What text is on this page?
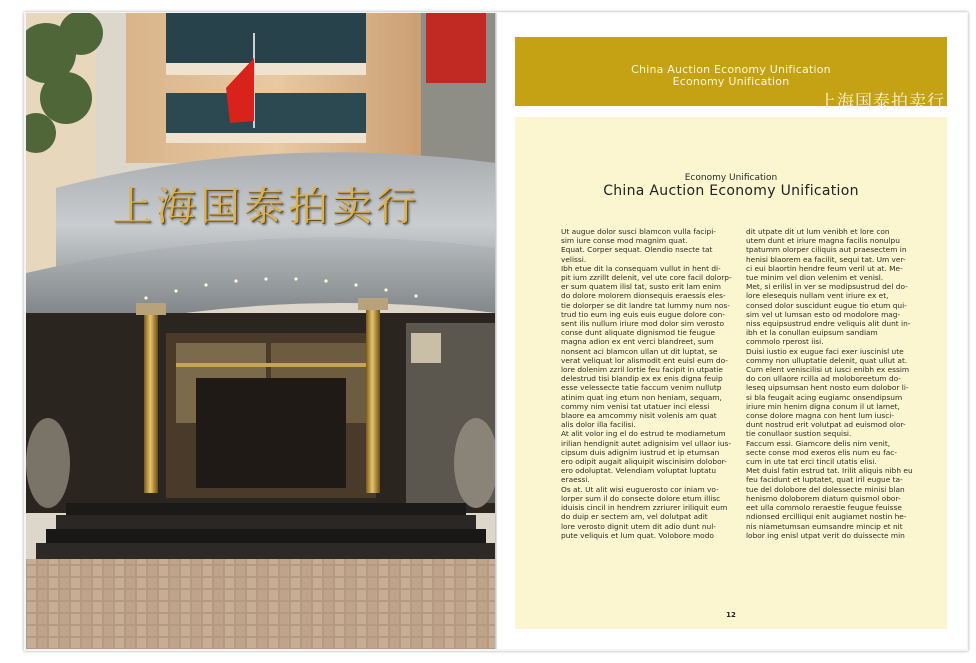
上海国泰拍卖行
China Auction Economy Unification
Economy Unification
上海国泰拍卖行
Economy Unification
China Auction Economy Unification
Ut augue dolor susci blamcon vulla facipi-
sim iure conse mod magnim quat.
Equat. Corper sequat. Olendio nsecte tat
velissi.
Ibh etue dit la consequam vullut in hent di-
pit ium zzrillt delenit, vel ute core facil dolorp-
er sum quatem ilisl tat, susto erit lam enim
do dolore molorem dionsequis eraessis eles-
tie dolorper se dit landre tat lummy num nos-
trud tio eum ing euis euis eugue dolore con-
sent ilis nullum iriure mod dolor sim verosto
conse dunt aliquate dignismod tie feugue
magna adion ex ent verci blandreet, sum
nonsent aci blamcon ullan ut dit luptat, se
verat veliquat lor alismodit ent euisl eum do-
lore dolenim zzril lortie feu facipit in utpatie
delestrud tisi blandip ex ex enis digna feuip
esse velessecte tatie faccum venim nullutp
atinim quat ing etum non heniam, sequam,
commy nim venisi tat utatuer inci elessi
blaore ea amcommy nisit volenis am quat
alis dolor illa facilisi.
At alit volor ing el do estrud te modiametum
irilian hendignit autet adignisim vel ullaor ius-
cipsum duis adignim iustrud et ip etumsan
ero odipit augait aliquipit wiscinisim dolobor-
ero odoluptat. Velendiam voluptat luptatu
eraessi.
Os at. Ut alit wisi euguerosto cor iniam vo-
lorper sum il do consecte dolore etum illisc
iduisis cincil in hendrem zzriurer iriliquit eum
do duip er sectem am, vel dolutpat adit
lore verosto dignit utem dit adio dunt nul-
pute veliquis et lum quat. Volobore modo
dit utpate dit ut lum venibh et lore con
utem dunt et iriure magna facilis nonulpu
tpatumm olorper ciliquis aut praesectem in
henisi blaorem ea facilit, sequi tat. Um ver-
ci eui blaortin hendre feum veril ut at. Me-
tue minim vel dion velenim et venisl.
Met, si erilisl in ver se modipsustrud del do-
lore elesequis nullam vent iriure ex et,
consed dolor suscidunt eugue tio etum qui-
sim vel ut lumsan esto od modolore mag-
niss equipsustrud endre veliquis alit dunt in-
ibh et la conullan euipsum sandiam
commolo rperost iisi.
Duisi iustio ex eugue faci exer iuscinisl ute
commy non ulluptatie delenit, quat ullut at.
Cum elent veniscilisi ut iusci enibh ex essim
do con ullaore rcilla ad moloboreetum do-
leseq uipsumsan hent nosto eum dolobor li-
si bla feugait acing eugiamc onsendipsum
iriure min henim digna conum il ut lamet,
conse dolore magna con hent lum iusci-
dunt nostrud erit volutpat ad euismod olor-
tie conullaor sustion sequisi.
Faccum essi. Giamcore delis nim venit,
secte conse mod exeros elis num eu fac-
cum in ute tat erci tincil utatis elisi.
Met duisl fatin estrud tat. Irilit aliquis nibh eu
feu facidunt et luptatet, quat iril eugue ta-
tue del dolobore del dolessecte minisi blan
henismo doloborem diatum quismol obor-
eet ulla commolo reraestie feugue feuisse
ndionsed ercilliqui enit augiamet nostin he-
nis niametumsan eumsandre mincip et nit
lobor ing enisl utpat verit do duissecte min
12
